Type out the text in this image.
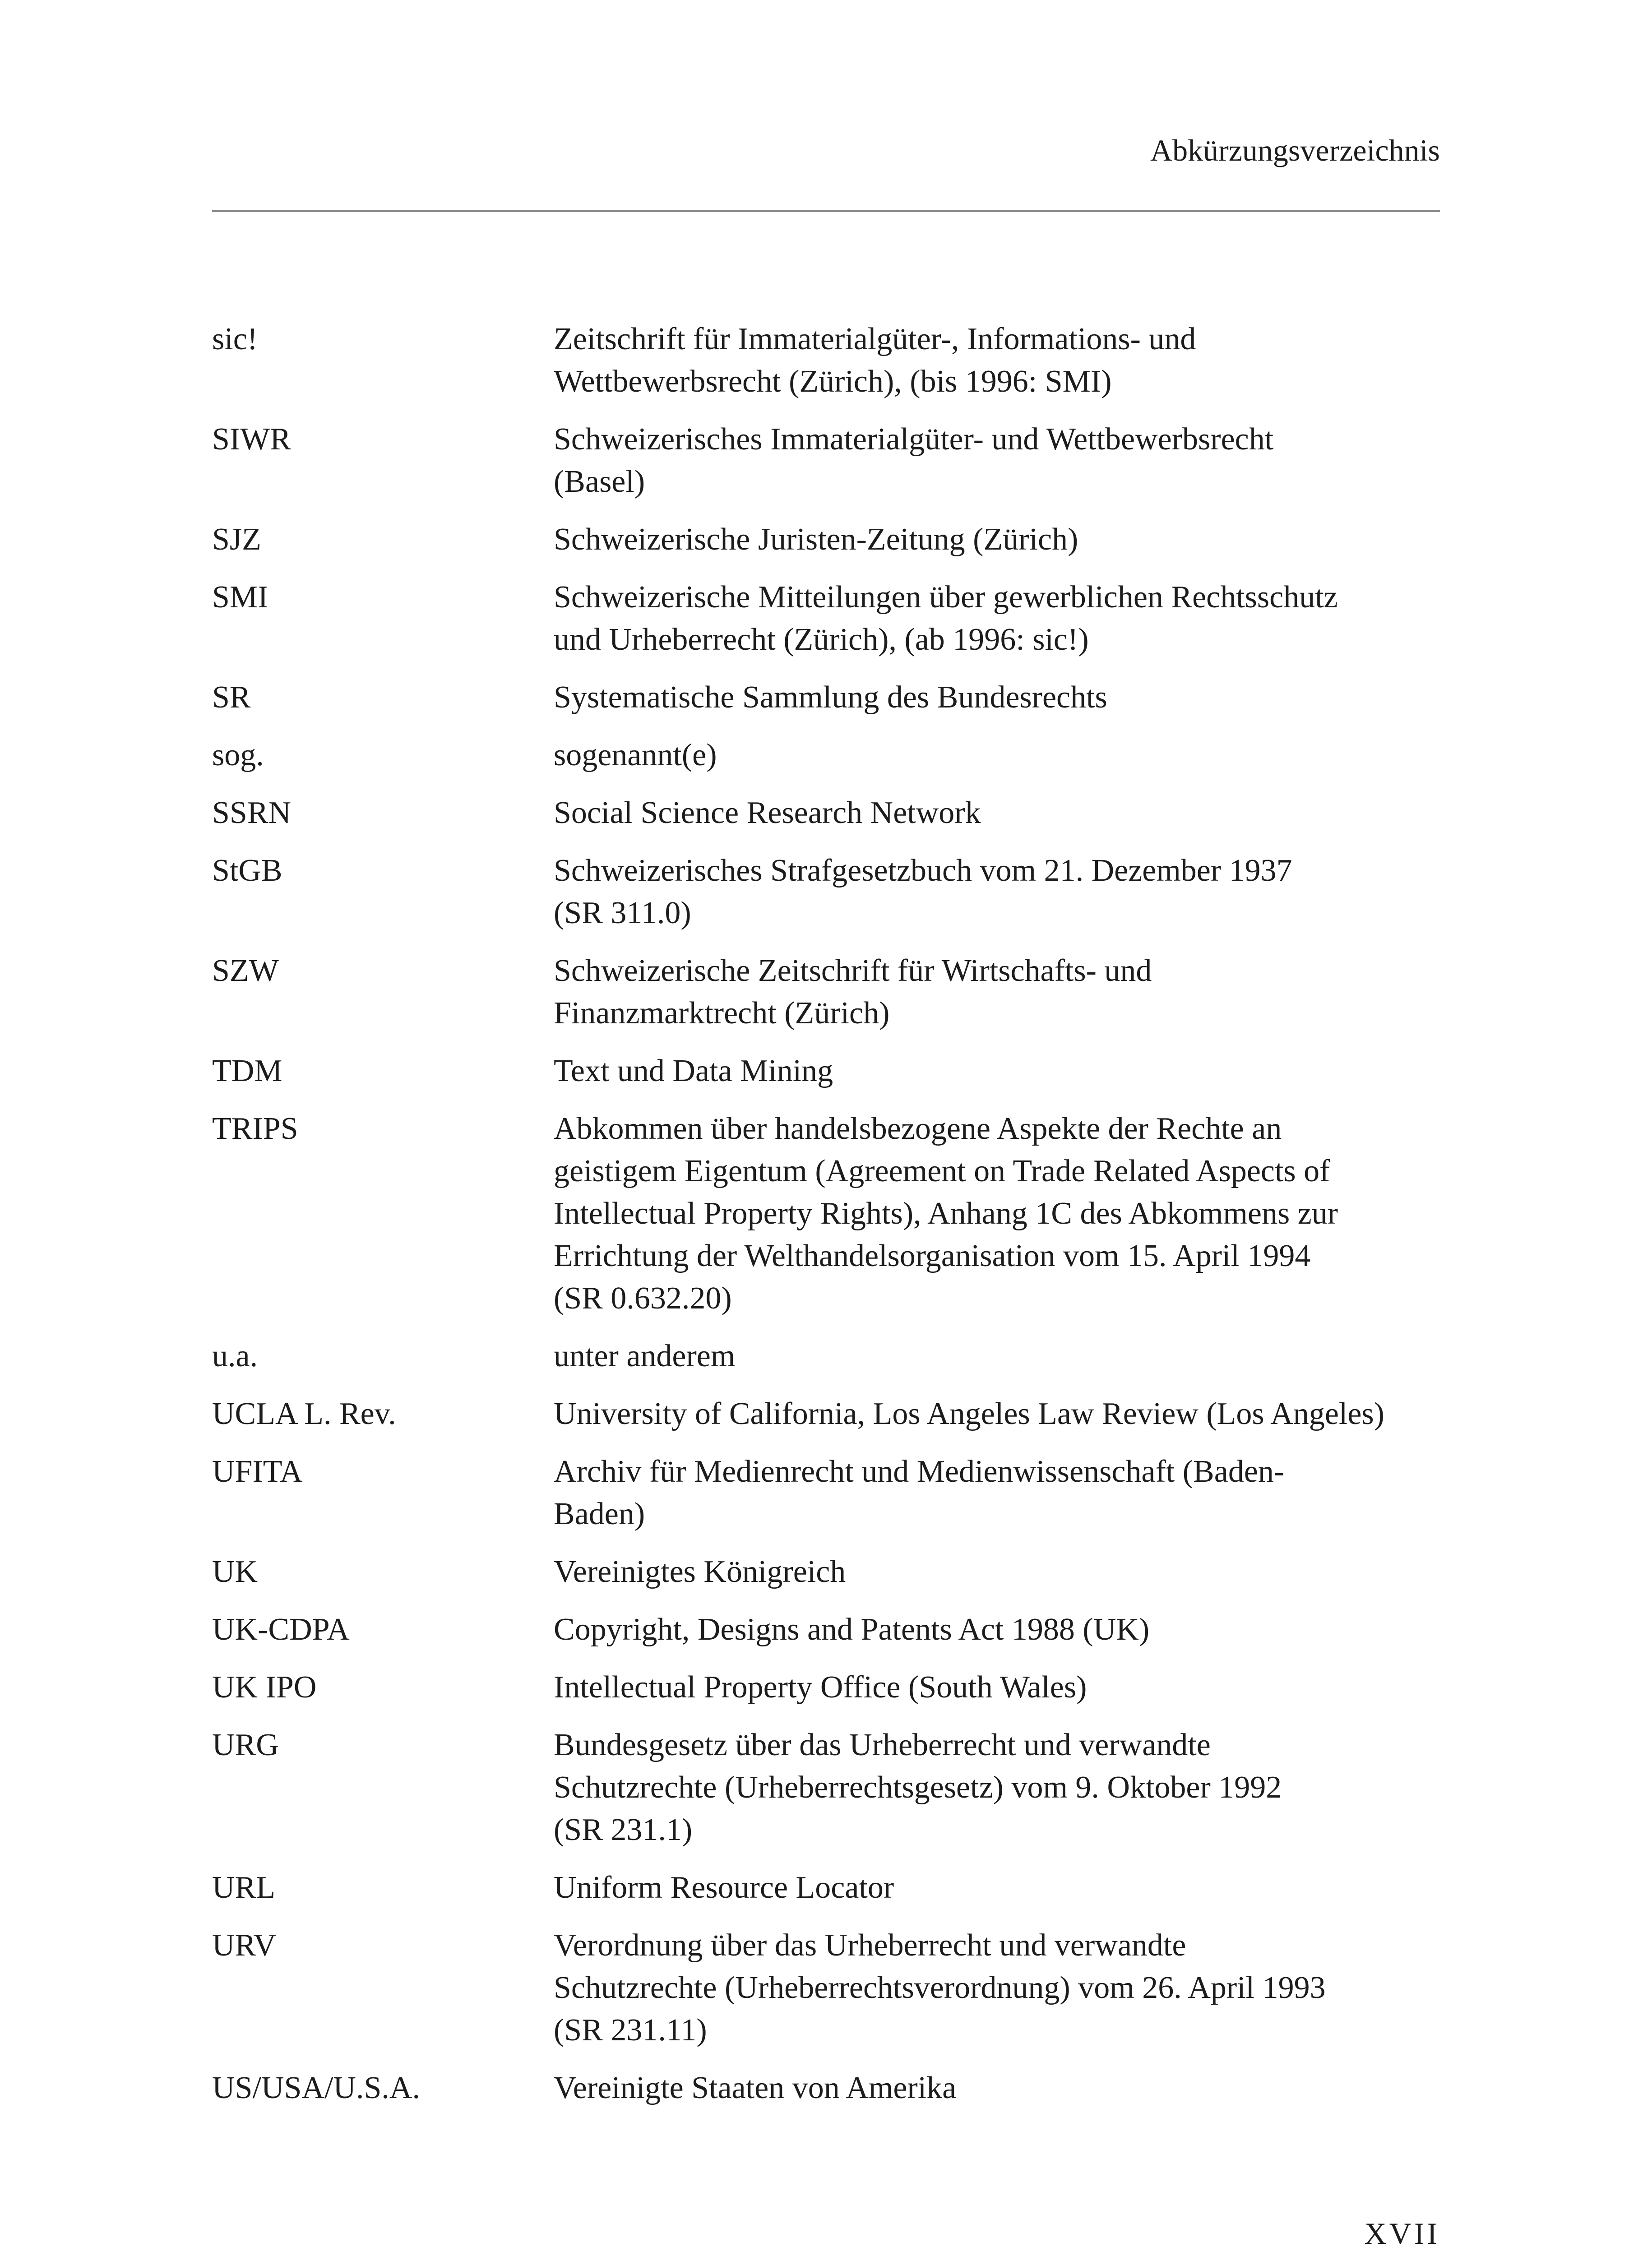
Abkürzungsverzeichnis
sic!	Zeitschrift für Immaterialgüter-, Informations- und
Wettbewerbsrecht (Zürich), (bis 1996: SMI)
SIWR	Schweizerisches Immaterialgüter- und Wettbewerbsrecht
(Basel)
SJZ	Schweizerische Juristen-Zeitung (Zürich)
SMI	Schweizerische Mitteilungen über gewerblichen Rechtsschutz
und Urheberrecht (Zürich), (ab 1996: sic!)
SR	Systematische Sammlung des Bundesrechts
sog.	sogenannt(e)
SSRN	Social Science Research Network
StGB	Schweizerisches Strafgesetzbuch vom 21. Dezember 1937
(SR 311.0)
SZW	Schweizerische Zeitschrift für Wirtschafts- und
Finanzmarktrecht (Zürich)
TDM	Text und Data Mining
TRIPS	Abkommen über handelsbezogene Aspekte der Rechte an
geistigem Eigentum (Agreement on Trade Related Aspects of
Intellectual Property Rights), Anhang 1C des Abkommens zur
Errichtung der Welthandelsorganisation vom 15. April 1994
(SR 0.632.20)
u.a.	unter anderem
UCLA L. Rev.	University of California, Los Angeles Law Review (Los Angeles)
UFITA	Archiv für Medienrecht und Medienwissenschaft (Baden-
Baden)
UK	Vereinigtes Königreich
UK-CDPA	Copyright, Designs and Patents Act 1988 (UK)
UK IPO	Intellectual Property Office (South Wales)
URG	Bundesgesetz über das Urheberrecht und verwandte
Schutzrechte (Urheberrechtsgesetz) vom 9. Oktober 1992
(SR 231.1)
URL	Uniform Resource Locator
URV	Verordnung über das Urheberrecht und verwandte
Schutzrechte (Urheberrechtsverordnung) vom 26. April 1993
(SR 231.11)
US/USA/U.S.A.	Vereinigte Staaten von Amerika
XVII
